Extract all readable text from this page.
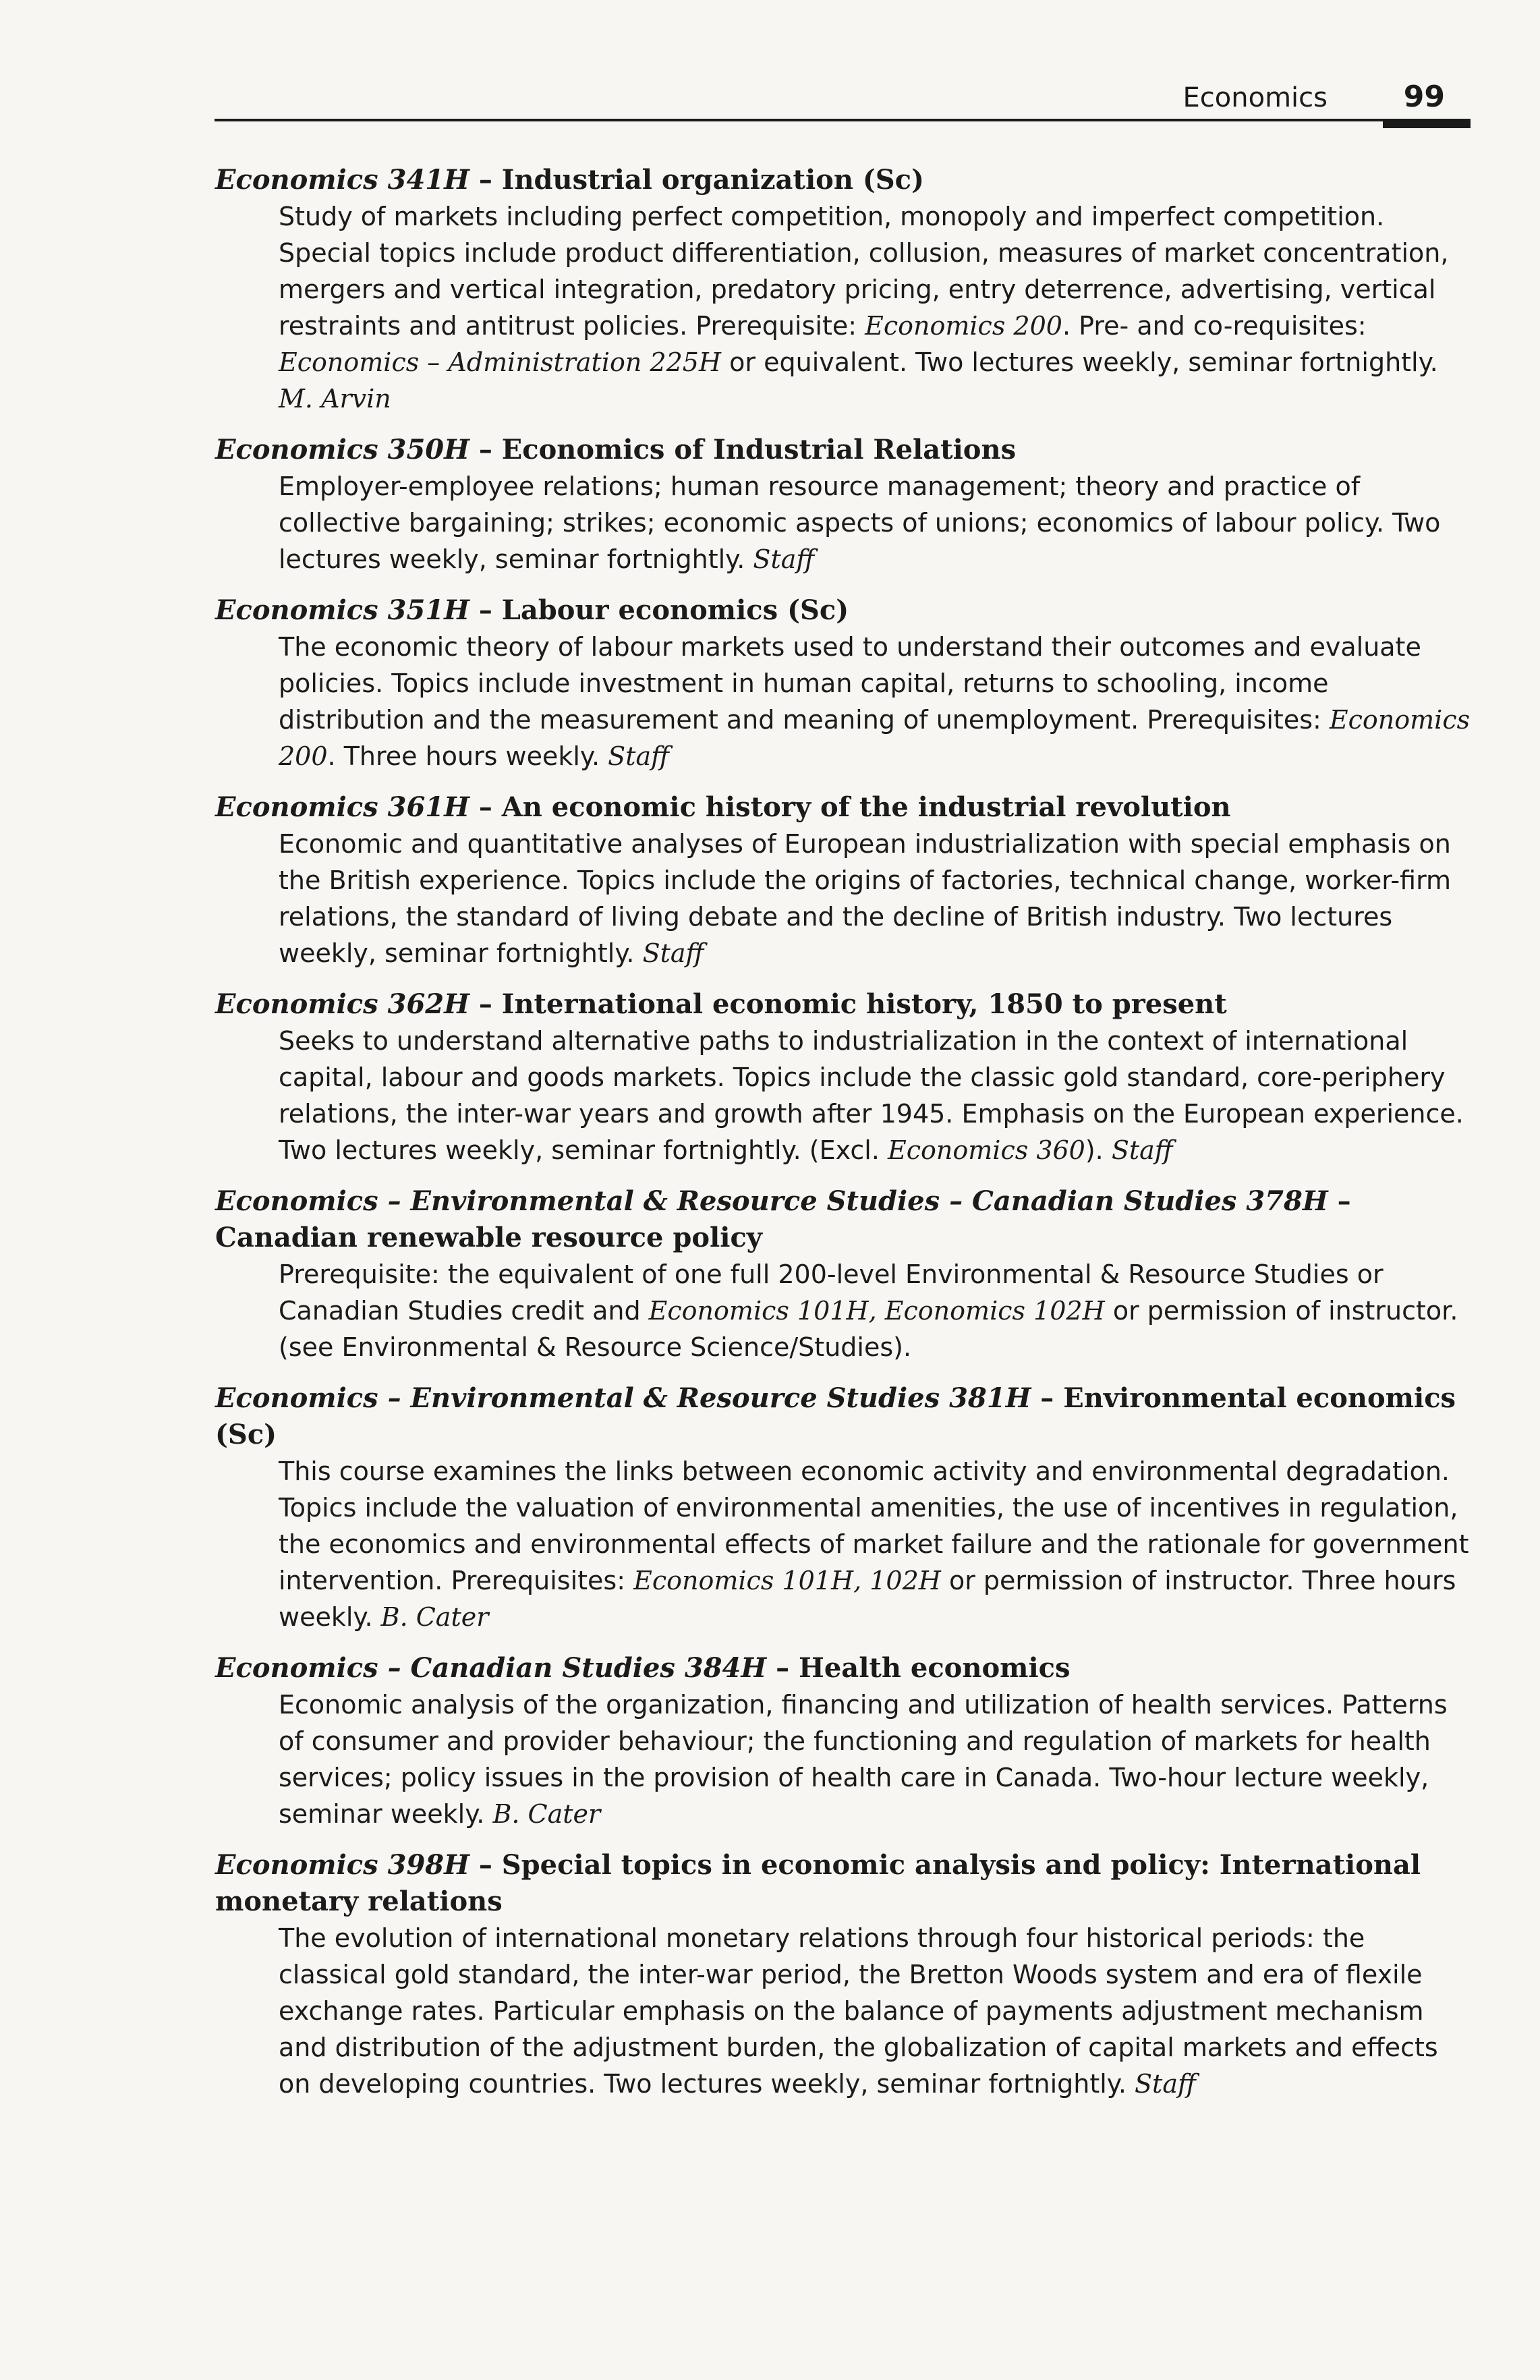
Economics	99
Economics 341H – Industrial organization (Sc)
Study of markets including perfect competition, monopoly and imperfect competition. Special topics include product differentiation, collusion, measures of market concentration, mergers and vertical integration, predatory pricing, entry deterrence, advertising, vertical restraints and antitrust policies. Prerequisite: Economics 200. Pre- and co-requisites: Economics – Administration 225H or equivalent. Two lectures weekly, seminar fortnightly. M. Arvin
Economics 350H – Economics of Industrial Relations
Employer-employee relations; human resource management; theory and practice of collective bargaining; strikes; economic aspects of unions; economics of labour policy. Two lectures weekly, seminar fortnightly. Staff
Economics 351H – Labour economics (Sc)
The economic theory of labour markets used to understand their outcomes and evaluate policies. Topics include investment in human capital, returns to schooling, income distribution and the measurement and meaning of unemployment. Prerequisites: Economics 200. Three hours weekly. Staff
Economics 361H – An economic history of the industrial revolution
Economic and quantitative analyses of European industrialization with special emphasis on the British experience. Topics include the origins of factories, technical change, worker-firm relations, the standard of living debate and the decline of British industry. Two lectures weekly, seminar fortnightly. Staff
Economics 362H – International economic history, 1850 to present
Seeks to understand alternative paths to industrialization in the context of international capital, labour and goods markets. Topics include the classic gold standard, core-periphery relations, the inter-war years and growth after 1945. Emphasis on the European experience. Two lectures weekly, seminar fortnightly. (Excl. Economics 360). Staff
Economics – Environmental & Resource Studies – Canadian Studies 378H – Canadian renewable resource policy
Prerequisite: the equivalent of one full 200-level Environmental & Resource Studies or Canadian Studies credit and Economics 101H, Economics 102H or permission of instructor. (see Environmental & Resource Science/Studies).
Economics – Environmental & Resource Studies 381H – Environmental economics (Sc)
This course examines the links between economic activity and environmental degradation. Topics include the valuation of environmental amenities, the use of incentives in regulation, the economics and environmental effects of market failure and the rationale for government intervention. Prerequisites: Economics 101H, 102H or permission of instructor. Three hours weekly. B. Cater
Economics – Canadian Studies 384H – Health economics
Economic analysis of the organization, financing and utilization of health services. Patterns of consumer and provider behaviour; the functioning and regulation of markets for health services; policy issues in the provision of health care in Canada. Two-hour lecture weekly, seminar weekly. B. Cater
Economics 398H – Special topics in economic analysis and policy: International monetary relations
The evolution of international monetary relations through four historical periods: the classical gold standard, the inter-war period, the Bretton Woods system and era of flexile exchange rates. Particular emphasis on the balance of payments adjustment mechanism and distribution of the adjustment burden, the globalization of capital markets and effects on developing countries. Two lectures weekly, seminar fortnightly. Staff
